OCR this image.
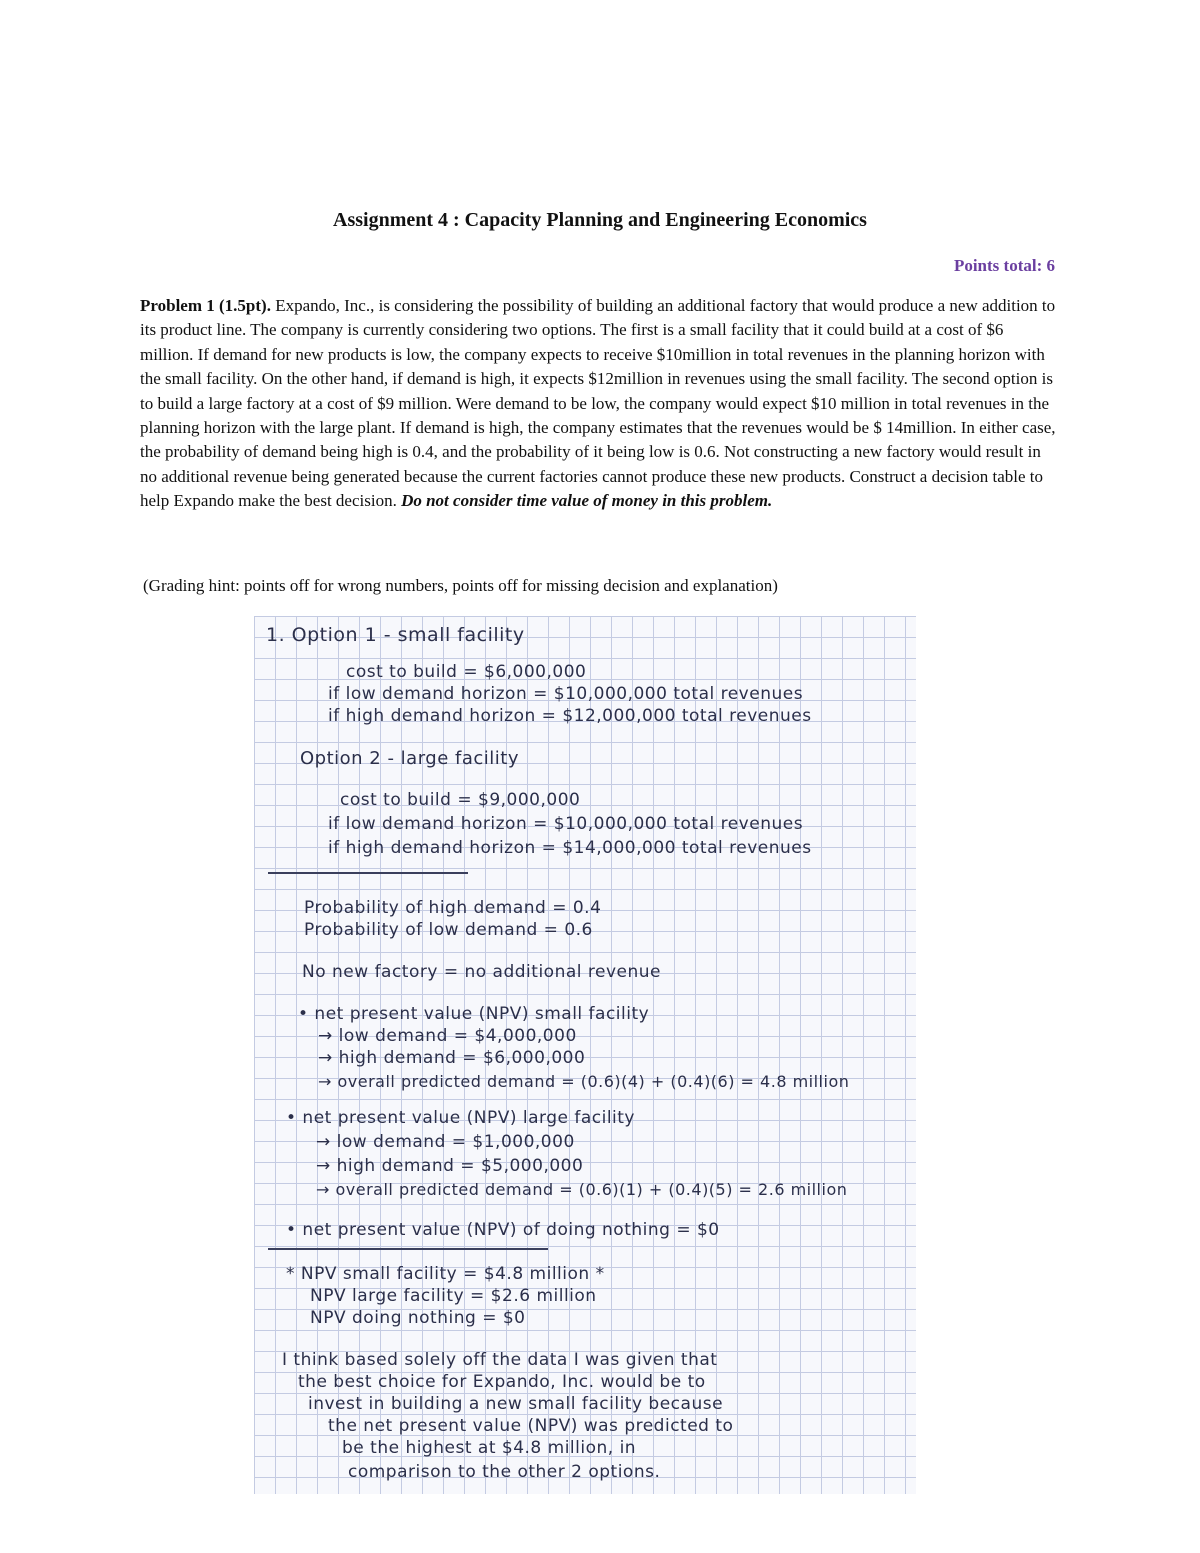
Assignment 4 : Capacity Planning and Engineering Economics
Points total: 6
Problem 1 (1.5pt). Expando, Inc., is considering the possibility of building an additional factory that would produce a new addition to its product line. The company is currently considering two options. The first is a small facility that it could build at a cost of $6 million. If demand for new products is low, the company expects to receive $10million in total revenues in the planning horizon with the small facility. On the other hand, if demand is high, it expects $12million in revenues using the small facility. The second option is to build a large factory at a cost of $9 million. Were demand to be low, the company would expect $10 million in total revenues in the planning horizon with the large plant. If demand is high, the company estimates that the revenues would be $ 14million. In either case, the probability of demand being high is 0.4, and the probability of it being low is 0.6. Not constructing a new factory would result in no additional revenue being generated because the current factories cannot produce these new products. Construct a decision table to help Expando make the best decision. Do not consider time value of money in this problem.
(Grading hint: points off for wrong numbers, points off for missing decision and explanation)
1. Option 1 - small facility
cost to build = $6,000,000
if low demand horizon = $10,000,000 total revenues
if high demand horizon = $12,000,000 total revenues
Option 2 - large facility
cost to build = $9,000,000
if low demand horizon = $10,000,000 total revenues
if high demand horizon = $14,000,000 total revenues
Probability of high demand = 0.4
Probability of low demand = 0.6
No new factory = no additional revenue
• net present value (NPV) small facility
→ low demand = $4,000,000
→ high demand = $6,000,000
→ overall predicted demand = (0.6)(4) + (0.4)(6) = 4.8 million
• net present value (NPV) large facility
→ low demand = $1,000,000
→ high demand = $5,000,000
→ overall predicted demand = (0.6)(1) + (0.4)(5) = 2.6 million
• net present value (NPV) of doing nothing = $0
* NPV small facility = $4.8 million *
NPV large facility = $2.6 million
NPV doing nothing = $0
I think based solely off the data I was given that
the best choice for Expando, Inc. would be to
invest in building a new small facility because
the net present value (NPV) was predicted to
be the highest at $4.8 million, in
comparison to the other 2 options.
